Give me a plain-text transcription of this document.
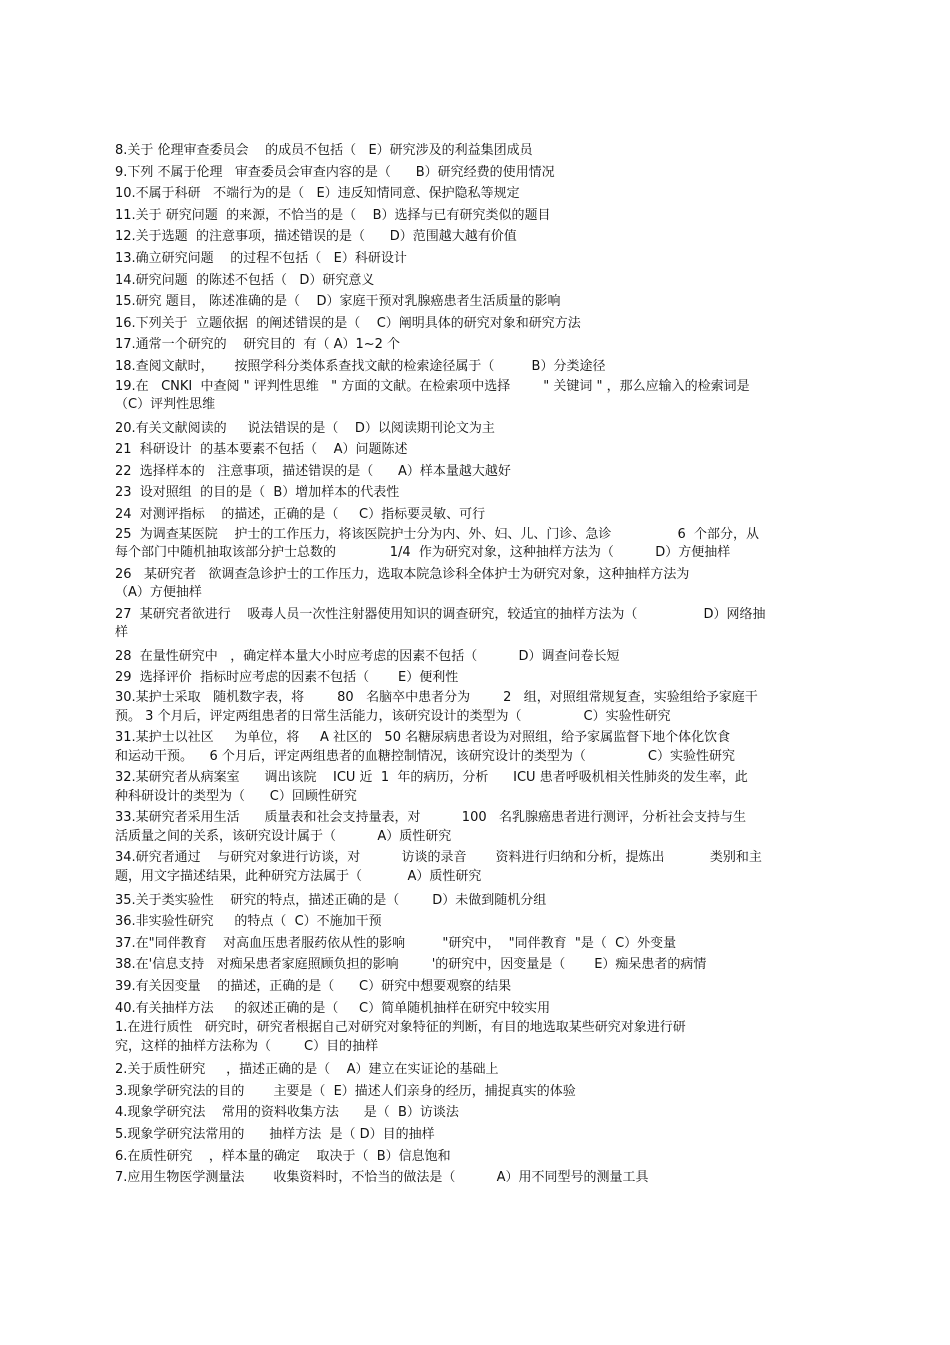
8.关于 伦理审查委员会    的成员不包括（   E）研究涉及的利益集团成员
9.下列 不属于伦理   审查委员会审查内容的是（      B）研究经费的使用情况
10.不属于科研   不端行为的是（   E）违反知情同意、保护隐私等规定
11.关于 研究问题  的来源，不恰当的是（    B）选择与已有研究类似的题目
12.关于选题  的注意事项，描述错误的是（      D）范围越大越有价值
13.确立研究问题    的过程不包括（   E）科研设计
14.研究问题  的陈述不包括（   D）研究意义
15.研究 题目， 陈述准确的是（    D）家庭干预对乳腺癌患者生活质量的影响
16.下列关于  立题依据  的阐述错误的是（    C）阐明具体的研究对象和研究方法
17.通常一个研究的    研究目的  有（ A）1~2 个
18.查阅文献时，     按照学科分类体系查找文献的检索途径属于（         B）分类途径
19.在   CNKI  中查阅 " 评判性思维   " 方面的文献。在检索项中选择        " 关键词 " ，那么应输入的检索词是
（C）评判性思维
20.有关文献阅读的     说法错误的是（    D）以阅读期刊论文为主
21  科研设计  的基本要素不包括（    A）问题陈述
22  选择样本的   注意事项，描述错误的是（      A）样本量越大越好
23  设对照组  的目的是（  B）增加样本的代表性
24  对测评指标    的描述，正确的是（     C）指标要灵敏、可行
25  为调查某医院    护士的工作压力，将该医院护士分为内、外、妇、儿、门诊、急诊                6  个部分，从
每个部门中随机抽取该部分护士总数的             1/4  作为研究对象，这种抽样方法为（          D）方便抽样
26   某研究者   欲调查急诊护士的工作压力，选取本院急诊科全体护士为研究对象，这种抽样方法为
（A）方便抽样
27  某研究者欲进行    吸毒人员一次性注射器使用知识的调查研究，较适宜的抽样方法为（                D）网络抽
样
28  在量性研究中   ，确定样本量大小时应考虑的因素不包括（          D）调查问卷长短
29  选择评价  指标时应考虑的因素不包括（       E）便利性
30.某护士采取   随机数字表，将        80   名脑卒中患者分为        2   组，对照组常规复查，实验组给予家庭干
预。 3 个月后，评定两组患者的日常生活能力，该研究设计的类型为（               C）实验性研究
31.某护士以社区     为单位，将     A 社区的   50 名糖尿病患者设为对照组，给予家属监督下地个体化饮食
和运动干预。    6 个月后，评定两组患者的血糖控制情况，该研究设计的类型为（               C）实验性研究
32.某研究者从病案室      调出该院    ICU 近  1  年的病历，分析      ICU 患者呼吸机相关性肺炎的发生率，此
种科研设计的类型为（      C）回顾性研究
33.某研究者采用生活      质量表和社会支持量表，对          100   名乳腺癌患者进行测评，分析社会支持与生
活质量之间的关系，该研究设计属于（          A）质性研究
34.研究者通过    与研究对象进行访谈，对          访谈的录音       资料进行归纳和分析，提炼出           类别和主
题，用文字描述结果，此种研究方法属于（           A）质性研究
35.关于类实验性    研究的特点，描述正确的是（        D）未做到随机分组
36.非实验性研究     的特点（  C）不施加干预
37.在"同伴教育    对高血压患者服药依从性的影响         "研究中，  "同伴教育  "是（  C）外变量
38.在'信息支持   对痴呆患者家庭照顾负担的影响        '的研究中，因变量是（       E）痴呆患者的病情
39.有关因变量    的描述，正确的是（      C）研究中想要观察的结果
40.有关抽样方法     的叙述正确的是（     C）简单随机抽样在研究中较实用
1.在进行质性   研究时，研究者根据自己对研究对象特征的判断，有目的地选取某些研究对象进行研
究，这样的抽样方法称为（        C）目的抽样
2.关于质性研究     ，描述正确的是（    A）建立在实证论的基础上
3.现象学研究法的目的       主要是（  E）描述人们亲身的经历，捕捉真实的体验
4.现象学研究法    常用的资料收集方法      是（  B）访谈法
5.现象学研究法常用的      抽样方法  是（ D）目的抽样
6.在质性研究    ，样本量的确定    取决于（  B）信息饱和
7.应用生物医学测量法       收集资料时，不恰当的做法是（          A）用不同型号的测量工具
